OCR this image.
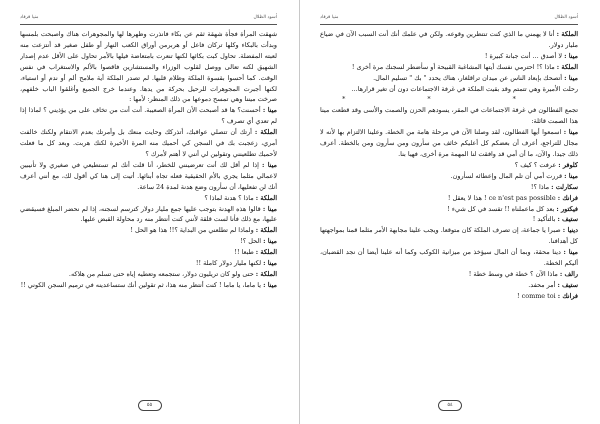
أسود الظلال
منيا قرقاد

شهقت المرأة فجأة شهقة ثقم عن بكاء فانذرت وظهرها لها والمجوهرات هناك واصبحت بلمسها وبدأت بالبكاء وكلها تركان فاعل أو هربرمن أوراق الكعب النهار أو طفل صغير قد أنتزعت منه لعبته المفضلة. تحاول كبت بكائها لكنها تنعرت بامتعاضة فيلها بالأمر تحاول على الأقل عدم إصدار الشهيق لكنه تعالى ووصل لقلوب الوزراء والمستشارين فاقصوا بالألم والاستغراب في نفس الوقت. كما أحسوا بقسوة الملكة وظلام قلبها. لم تصدر الملكة أية ملامح ألم أو ندم أو استياء، لكنها أجبرت المجوهرات للرحيل بحركة من يدها. وعندما خرج الجميع وأغلقوا الباب خلفهم، صرخت ميننا وهي تمسح دموعها من ذلك المنظر: لأمها :

مينا : أحسنت؟ ها قد أصبحت الأن المرأة الصعيبة. أنت أنت من تخاف على من يؤذيني ؟ لماذا إذا لم تعدي أي تصرف ؟

الملكة : أرتك أن تتصلي عواقبك، أتذركك وحايت منعك بل وأمرتك بعدم الانتقام ولكنك خالفت أمري، زعجبت بك في السجن كي أحميك منه المرة الأخيرة لكنك هربت. وبعد كل ما فعلت لأحميك تطلعينني وتقولين لي أنني لا أهتم لأمرك ؟

مينا : إذا لم أقل لك أنت تعرضينني للخطر، أنا قلت أنك لم تستطيعي في صغيري ولا تأنيبين لاعمالي مثلما يجري بالأم الحقيقية فعله تجاه أبنائها. أتيت إلى هنا كي أقول لك، مع أنني أعرف أنك لن تفعليها، أن سأرون وضع هدنة لمدة 24 ساعة.

الملكة : ماذا ؟ هدنة لماذا ؟

مينا : قالوا هذه الهدنة بتوجب عليها جمع مليار دولار كترسم لسجنه، إذا لم نحضر المبلغ فسيقضي عليها، مع ذلك فأنا لست قلقة لأنني كنت أنتظر منه رد محاولة القبض عليها.

الملكة : ولماذا لم تطلعني من البداية ؟!! هذا هو الحل !

مينا : الحل ؟!

الملكة : طبعا !!

مينا : لكنها مليار دولار كاملة !!

الملكة : حتى ولو كان تريليون دولار، ستجمعه وتعطيه إياه حتى تسلم من هلاكه.

مينا : يا ماما، يا ماما ! كنت أنتظر منه هذا، ثم تقولين أنك ستساعدينه في ترميم السجن الكوني !!

٥٥
أسود الظلال
منيا قرقاد

الملكة : أنا لا يهمني ما الذي كنت تنتظرين وقوعه. ولكن في علمك أنك أنت السبب الآن في ضياع مليار دولار.

مينا : لا أصدق ... أنت جبانة كبيرة !

الملكة : ماذا ؟! احترمي نفسك أيتها المشاغبة القبيحة أو سأضطر لسجنك مرة أخرى !

مينا : أتصحك بإبعاد الناس عن ميدان تراقلغار، هناك يحدد " بك " تسليم المال.

رحلت الأميرة وهي تتمتم وقد بقيت الملكة في غرفة الاجتماعات دون أن تغير قرارها...

* * *

تجمع الفطالون في غرفة الاجتماعات في المقر، يسودهم الحزن والصمت والأسى وقد قطعت مينا هذا الصمت قائلة:

مينا : اسمعوا أيها الفطالون، لقد وصلنا الآن في مرحلة هامة من الخطة. وعلينا الالتزام بها لأنه لا مجال للتراجع، أعرف أن بعضكم كل أعليكم خائف من سأرون ومن سأرون ومن بالخطة. أعرف ذلك جيدا. والآن، ما أن أمي قد وافقت لنا المهمة مرة أخرى، فهيا بنا.

كلوفر : عرفت ؟ كيف ؟

مينا : قررت أمي أن تلم المال وإعطائه لسأرون.

سكارلت : ماذا ؟!

فرانك : ce n'est pas possible ! هذا لا يعقل !

فيكتور : بعد كل ماعملناه !! تقسد في كل شيء !

ستيف : بالتأكيد !

دينيا : صبرا يا جماعة، إن تصرف الملكة كان متوقعا. ويجب علينا مجابهة الأمر مثلما قمنا بمواجهتها كل أهدافنا.

مينا : دينا محقة، وبما أن المال سيؤخذ من ميزانية الكوكب وكما أنه علينا أيضا أن نجد القضبان، أليكم الخطة.

رالف : ماذا الآن ؟ خطة في وسط خطة !

ستيف : أمر محفد.

فرانك : comme toi !

٥٤
